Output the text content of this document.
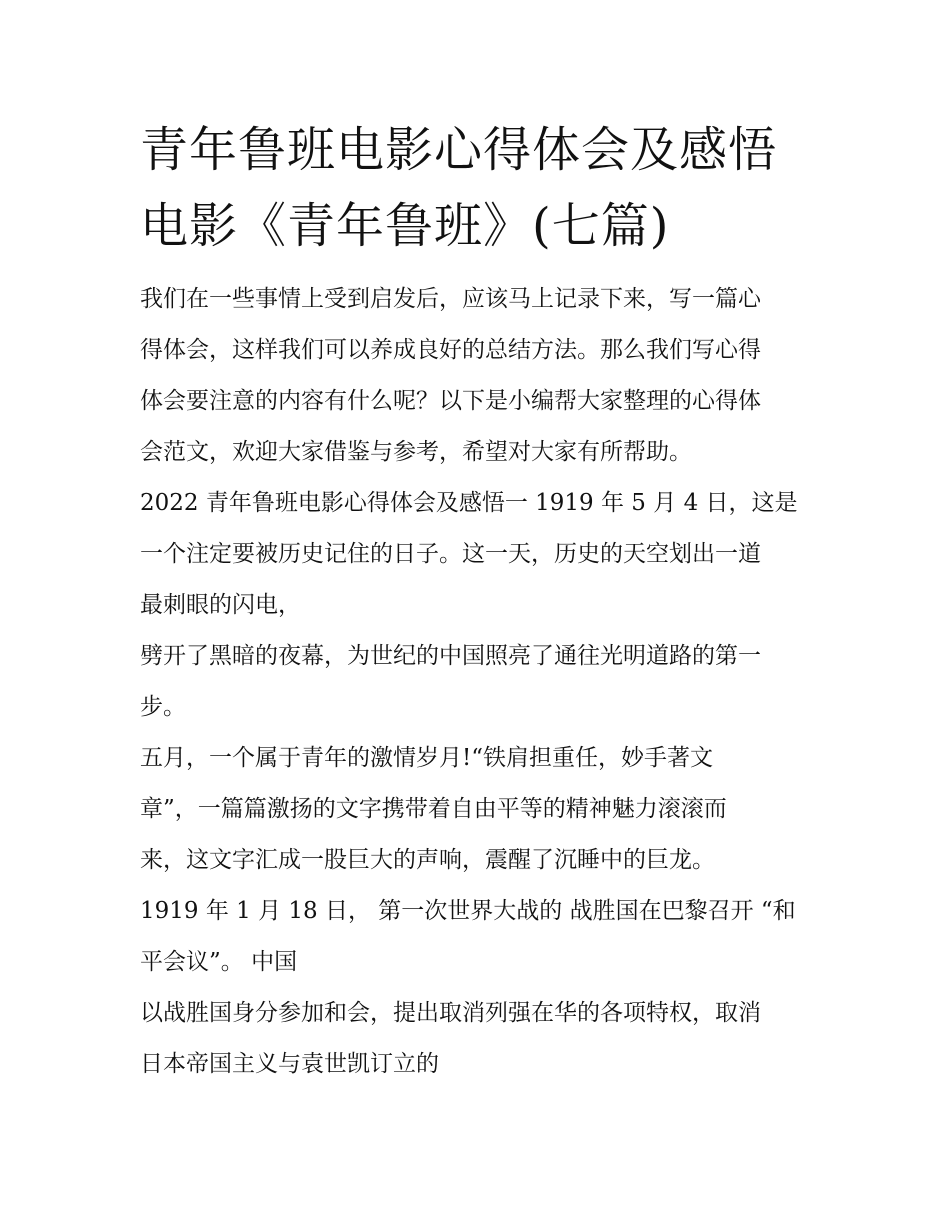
青年鲁班电影心得体会及感悟
电影《青年鲁班》(七篇)
我们在一些事情上受到启发后，应该马上记录下来，写一篇心
得体会，这样我们可以养成良好的总结方法。那么我们写心得
体会要注意的内容有什么呢？以下是小编帮大家整理的心得体
会范文，欢迎大家借鉴与参考，希望对大家有所帮助。
2022 青年鲁班电影心得体会及感悟一 1919 年 5 月 4 日，这是
一个注定要被历史记住的日子。这一天，历史的天空划出一道
最刺眼的闪电，
劈开了黑暗的夜幕，为世纪的中国照亮了通往光明道路的第一
步。
五月，一个属于青年的激情岁月!“铁肩担重任，妙手著文
章”，一篇篇激扬的文字携带着自由平等的精神魅力滚滚而
来，这文字汇成一股巨大的声响，震醒了沉睡中的巨龙。
1919 年 1 月 18 日， 第一次世界大战的 战胜国在巴黎召开 “和
平会议”。 中国
以战胜国身分参加和会，提出取消列强在华的各项特权，取消
日本帝国主义与袁世凯订立的
